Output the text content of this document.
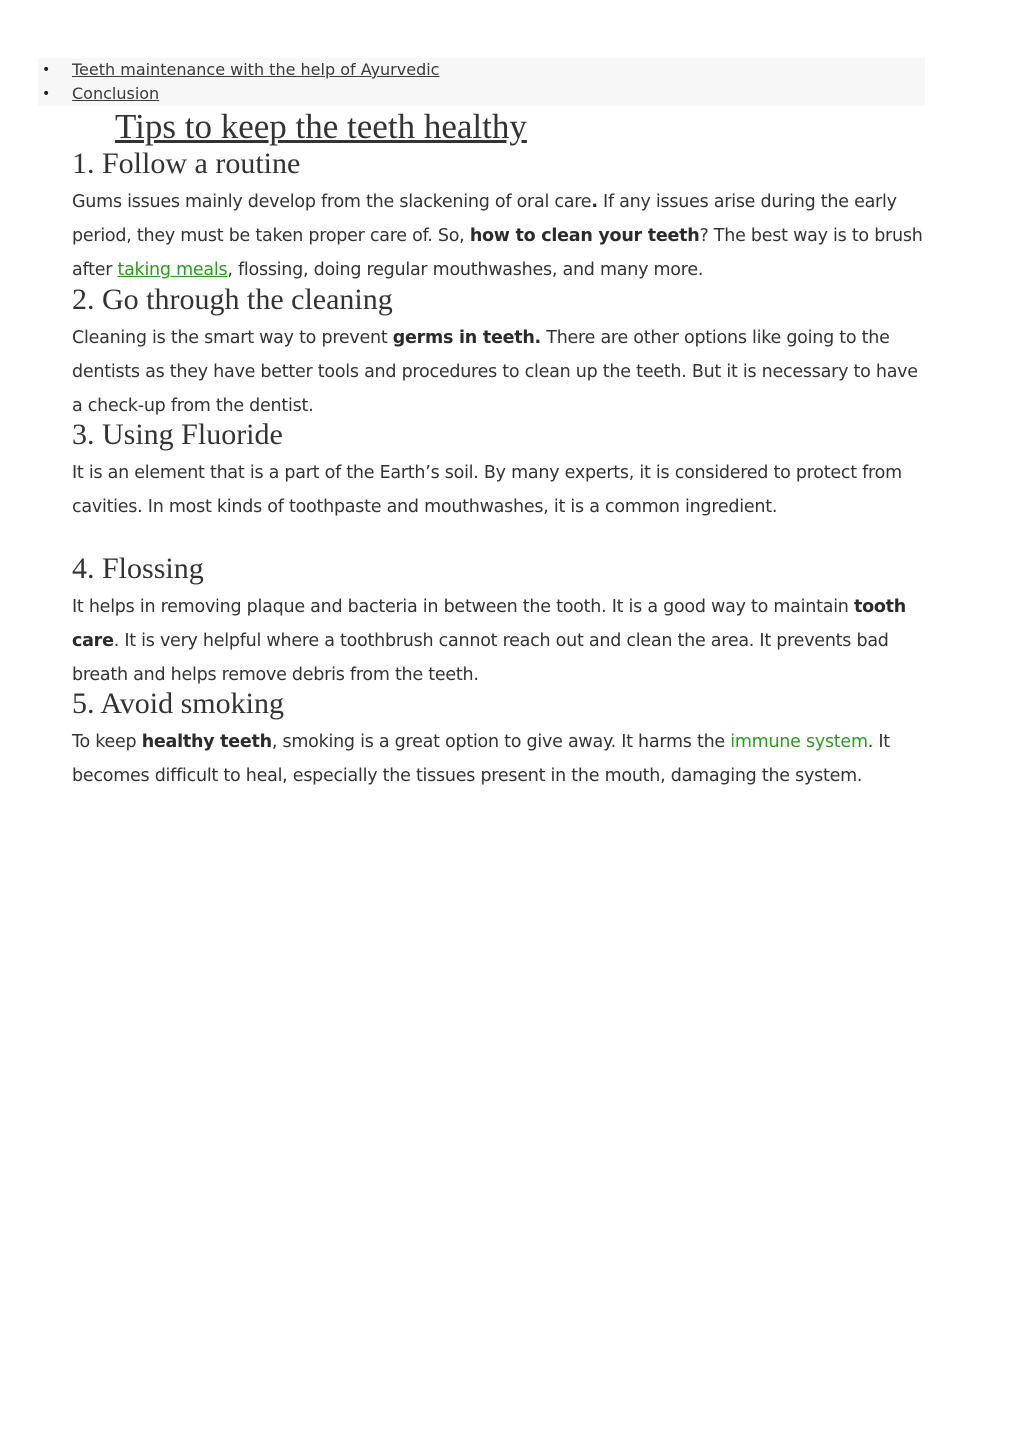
• Teeth maintenance with the help of Ayurvedic
• Conclusion
Tips to keep the teeth healthy
1. Follow a routine

Gums issues mainly develop from the slackening of oral care. If any issues arise during the early period, they must be taken proper care of. So, how to clean your teeth? The best way is to brush after taking meals, flossing, doing regular mouthwashes, and many more.

2. Go through the cleaning

Cleaning is the smart way to prevent germs in teeth. There are other options like going to the dentists as they have better tools and procedures to clean up the teeth. But it is necessary to have a check-up from the dentist.

3. Using Fluoride

It is an element that is a part of the Earth’s soil. By many experts, it is considered to protect from cavities. In most kinds of toothpaste and mouthwashes, it is a common ingredient.

4. Flossing

It helps in removing plaque and bacteria in between the tooth. It is a good way to maintain tooth care. It is very helpful where a toothbrush cannot reach out and clean the area. It prevents bad breath and helps remove debris from the teeth.

5. Avoid smoking

To keep healthy teeth, smoking is a great option to give away. It harms the immune system. It becomes difficult to heal, especially the tissues present in the mouth, damaging the system.
